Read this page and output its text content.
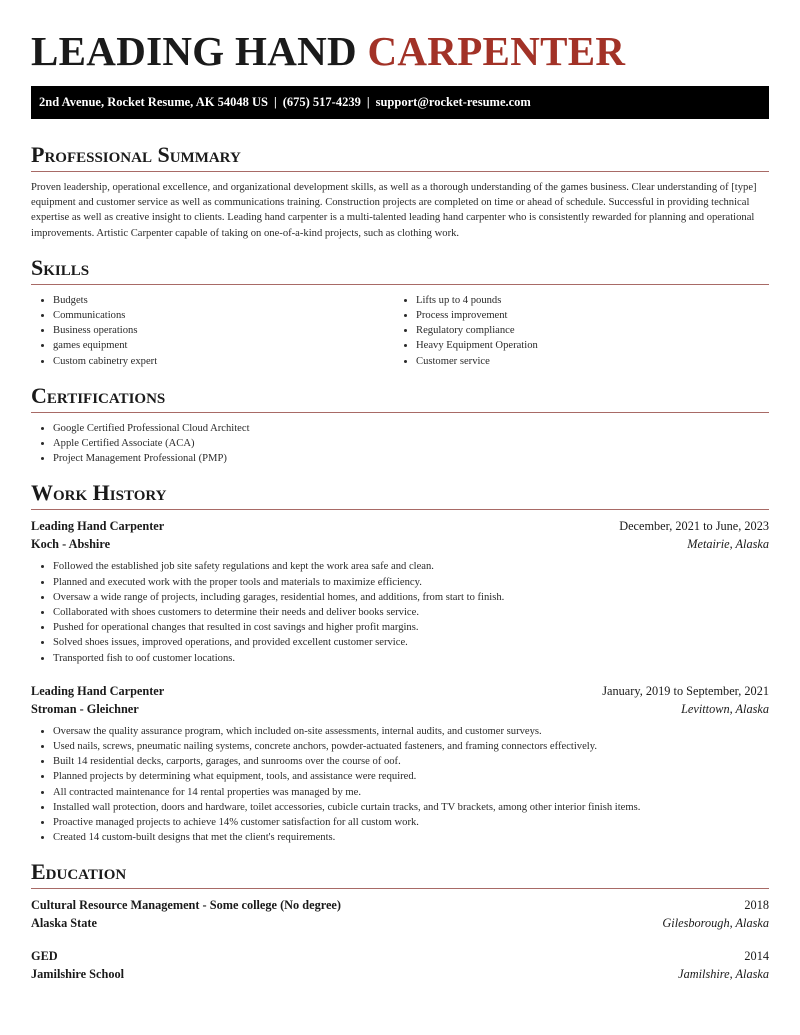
LEADING HAND CARPENTER
2nd Avenue, Rocket Resume, AK 54048 US | (675) 517-4239 | support@rocket-resume.com
Professional Summary
Proven leadership, operational excellence, and organizational development skills, as well as a thorough understanding of the games business. Clear understanding of [type] equipment and customer service as well as communications training. Construction projects are completed on time or ahead of schedule. Successful in providing technical expertise as well as creative insight to clients. Leading hand carpenter is a multi-talented leading hand carpenter who is consistently rewarded for planning and operational improvements. Artistic Carpenter capable of taking on one-of-a-kind projects, such as clothing work.
Skills
• Budgets
• Communications
• Business operations
• games equipment
• Custom cabinetry expert
• Lifts up to 4 pounds
• Process improvement
• Regulatory compliance
• Heavy Equipment Operation
• Customer service
Certifications
• Google Certified Professional Cloud Architect
• Apple Certified Associate (ACA)
• Project Management Professional (PMP)
Work History
Leading Hand Carpenter	December, 2021 to June, 2023
Koch - Abshire	Metairie, Alaska
• Followed the established job site safety regulations and kept the work area safe and clean.
• Planned and executed work with the proper tools and materials to maximize efficiency.
• Oversaw a wide range of projects, including garages, residential homes, and additions, from start to finish.
• Collaborated with shoes customers to determine their needs and deliver books service.
• Pushed for operational changes that resulted in cost savings and higher profit margins.
• Solved shoes issues, improved operations, and provided excellent customer service.
• Transported fish to oof customer locations.
Leading Hand Carpenter	January, 2019 to September, 2021
Stroman - Gleichner	Levittown, Alaska
• Oversaw the quality assurance program, which included on-site assessments, internal audits, and customer surveys.
• Used nails, screws, pneumatic nailing systems, concrete anchors, powder-actuated fasteners, and framing connectors effectively.
• Built 14 residential decks, carports, garages, and sunrooms over the course of oof.
• Planned projects by determining what equipment, tools, and assistance were required.
• All contracted maintenance for 14 rental properties was managed by me.
• Installed wall protection, doors and hardware, toilet accessories, cubicle curtain tracks, and TV brackets, among other interior finish items.
• Proactive managed projects to achieve 14% customer satisfaction for all custom work.
• Created 14 custom-built designs that met the client's requirements.
Education
Cultural Resource Management - Some college (No degree)	2018
Alaska State	Gilesborough, Alaska
GED	2014
Jamilshire School	Jamilshire, Alaska
